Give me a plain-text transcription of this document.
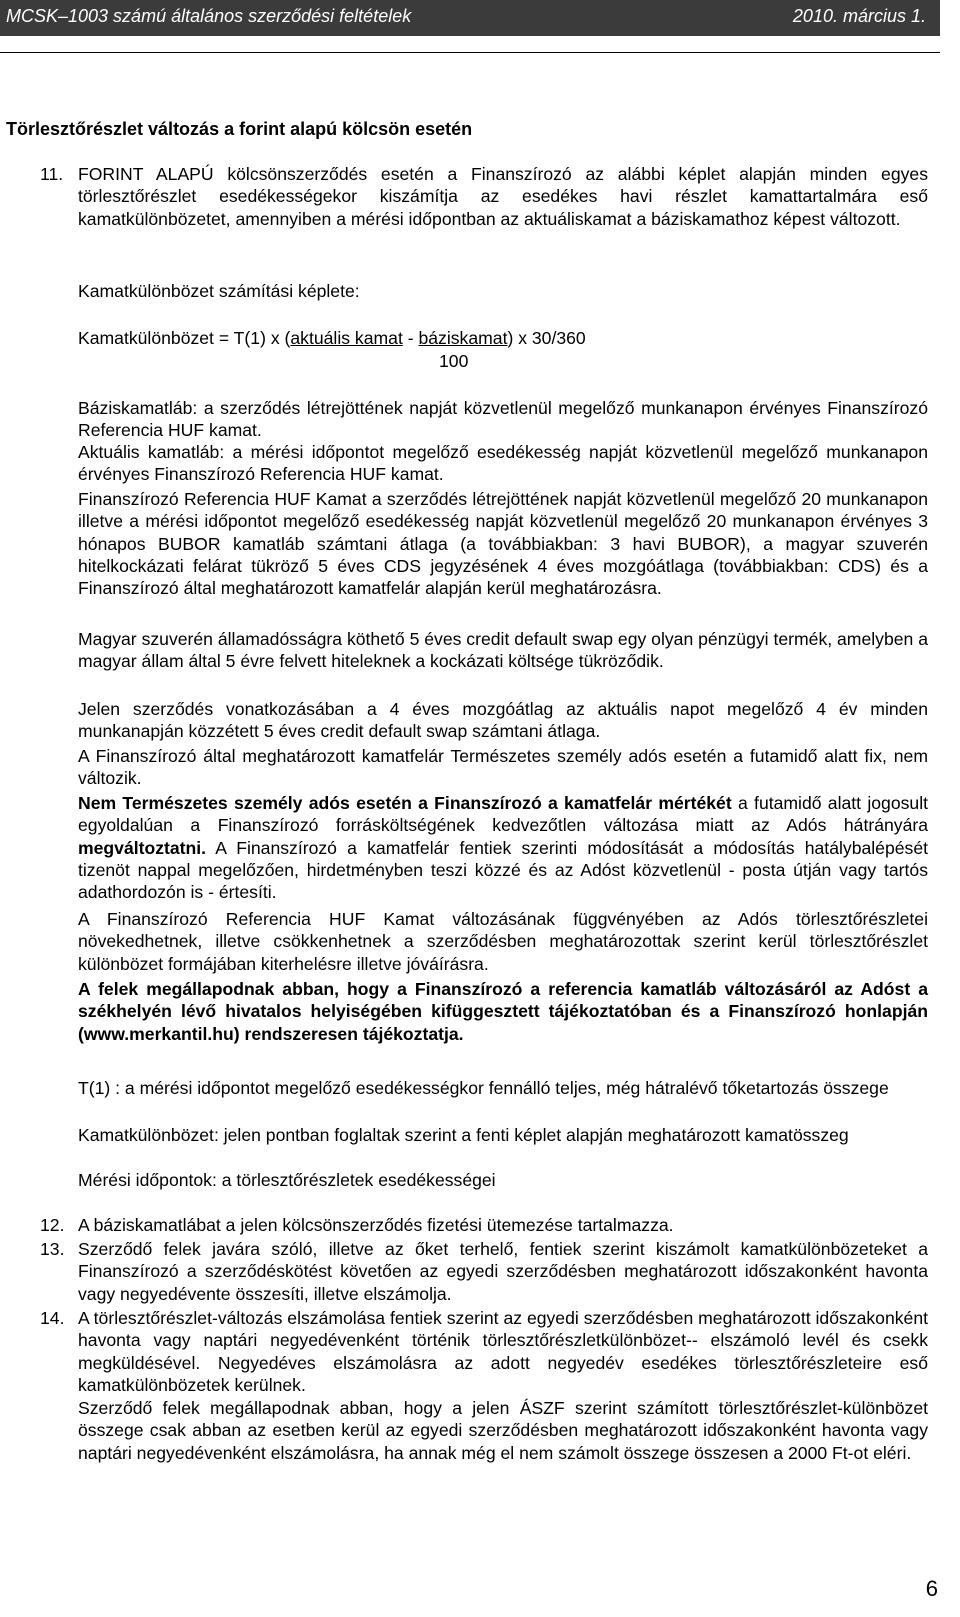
MCSK–1003 számú általános szerződési feltételek	2010. március 1.
Törlesztőrészlet változás a forint alapú kölcsön esetén
11. FORINT ALAPÚ kölcsönszerződés esetén a Finanszírozó az alábbi képlet alapján minden egyes törlesztőrészlet esedékességekor kiszámítja az esedékes havi részlet kamattartalmára eső kamatkülönbözetet, amennyiben a mérési időpontban az aktuáliskamat a báziskamathoz képest változott.

Kamatkülönbözet számítási képlete:

Kamatkülönbözet = T(1) x (aktuális kamat - báziskamat) x 30/360

100

Báziskamatláb: a szerződés létrejöttének napját közvetlenül megelőző munkanapon érvényes Finanszírozó Referencia HUF kamat.

Aktuális kamatláb: a mérési időpontot megelőző esedékesség napját közvetlenül megelőző munkanapon érvényes Finanszírozó Referencia HUF kamat.

Finanszírozó Referencia HUF Kamat a szerződés létrejöttének napját közvetlenül megelőző 20 munkanapon illetve a mérési időpontot megelőző esedékesség napját közvetlenül megelőző 20 munkanapon érvényes 3 hónapos BUBOR kamatláb számtani átlaga (a továbbiakban: 3 havi BUBOR), a magyar szuverén hitelkockázati felárat tükröző 5 éves CDS jegyzésének 4 éves mozgóátlaga (továbbiakban: CDS) és a Finanszírozó által meghatározott kamatfelár alapján kerül meghatározásra.

Magyar szuverén államadósságra köthető 5 éves credit default swap egy olyan pénzügyi termék, amelyben a magyar állam által 5 évre felvett hiteleknek a kockázati költsége tükröződik.

Jelen szerződés vonatkozásában a 4 éves mozgóátlag az aktuális napot megelőző 4 év minden munkanapján közzétett 5 éves credit default swap számtani átlaga.

A Finanszírozó által meghatározott kamatfelár Természetes személy adós esetén a futamidő alatt fix, nem változik.

Nem Természetes személy adós esetén a Finanszírozó a kamatfelár mértékét a futamidő alatt jogosult egyoldalúan a Finanszírozó forrásköltségének kedvezőtlen változása miatt az Adós hátrányára megváltoztatni. A Finanszírozó a kamatfelár fentiek szerinti módosítását a módosítás hatálybalépését tizenöt nappal megelőzően, hirdetményben teszi közzé és az Adóst közvetlenül - posta útján vagy tartós adathordozón is - értesíti.

A Finanszírozó Referencia HUF Kamat változásának függvényében az Adós törlesztőrészletei növekedhetnek, illetve csökkenhetnek a szerződésben meghatározottak szerint kerül törlesztőrészlet különbözet formájában kiterhelésre illetve jóváírásra.

A felek megállapodnak abban, hogy a Finanszírozó a referencia kamatláb változásáról az Adóst a székhelyén lévő hivatalos helyiségében kifüggesztett tájékoztatóban és a Finanszírozó honlapján (www.merkantil.hu) rendszeresen tájékoztatja.

T(1) : a mérési időpontot megelőző esedékességkor fennálló teljes, még hátralévő tőketartozás összege

Kamatkülönbözet: jelen pontban foglaltak szerint a fenti képlet alapján meghatározott kamatösszeg

Mérési időpontok: a törlesztőrészletek esedékességei

12. A báziskamatlábat a jelen kölcsönszerződés fizetési ütemezése tartalmazza.

13. Szerződő felek javára szóló, illetve az őket terhelő, fentiek szerint kiszámolt kamatkülönbözeteket a Finanszírozó a szerződéskötést követően az egyedi szerződésben meghatározott időszakonként havonta vagy negyedévente összesíti, illetve elszámolja.

14. A törlesztőrészlet-változás elszámolása fentiek szerint az egyedi szerződésben meghatározott időszakonként havonta vagy naptári negyedévenként történik törlesztőrészletkülönbözet-- elszámoló levél és csekk megküldésével. Negyedéves elszámolásra az adott negyedév esedékes törlesztőrészleteire eső kamatkülönbözetek kerülnek.

Szerződő felek megállapodnak abban, hogy a jelen ÁSZF szerint számított törlesztőrészlet-különbözet összege csak abban az esetben kerül az egyedi szerződésben meghatározott időszakonként havonta vagy naptári negyedévenként elszámolásra, ha annak még el nem számolt összege összesen a 2000 Ft-ot eléri.

6
